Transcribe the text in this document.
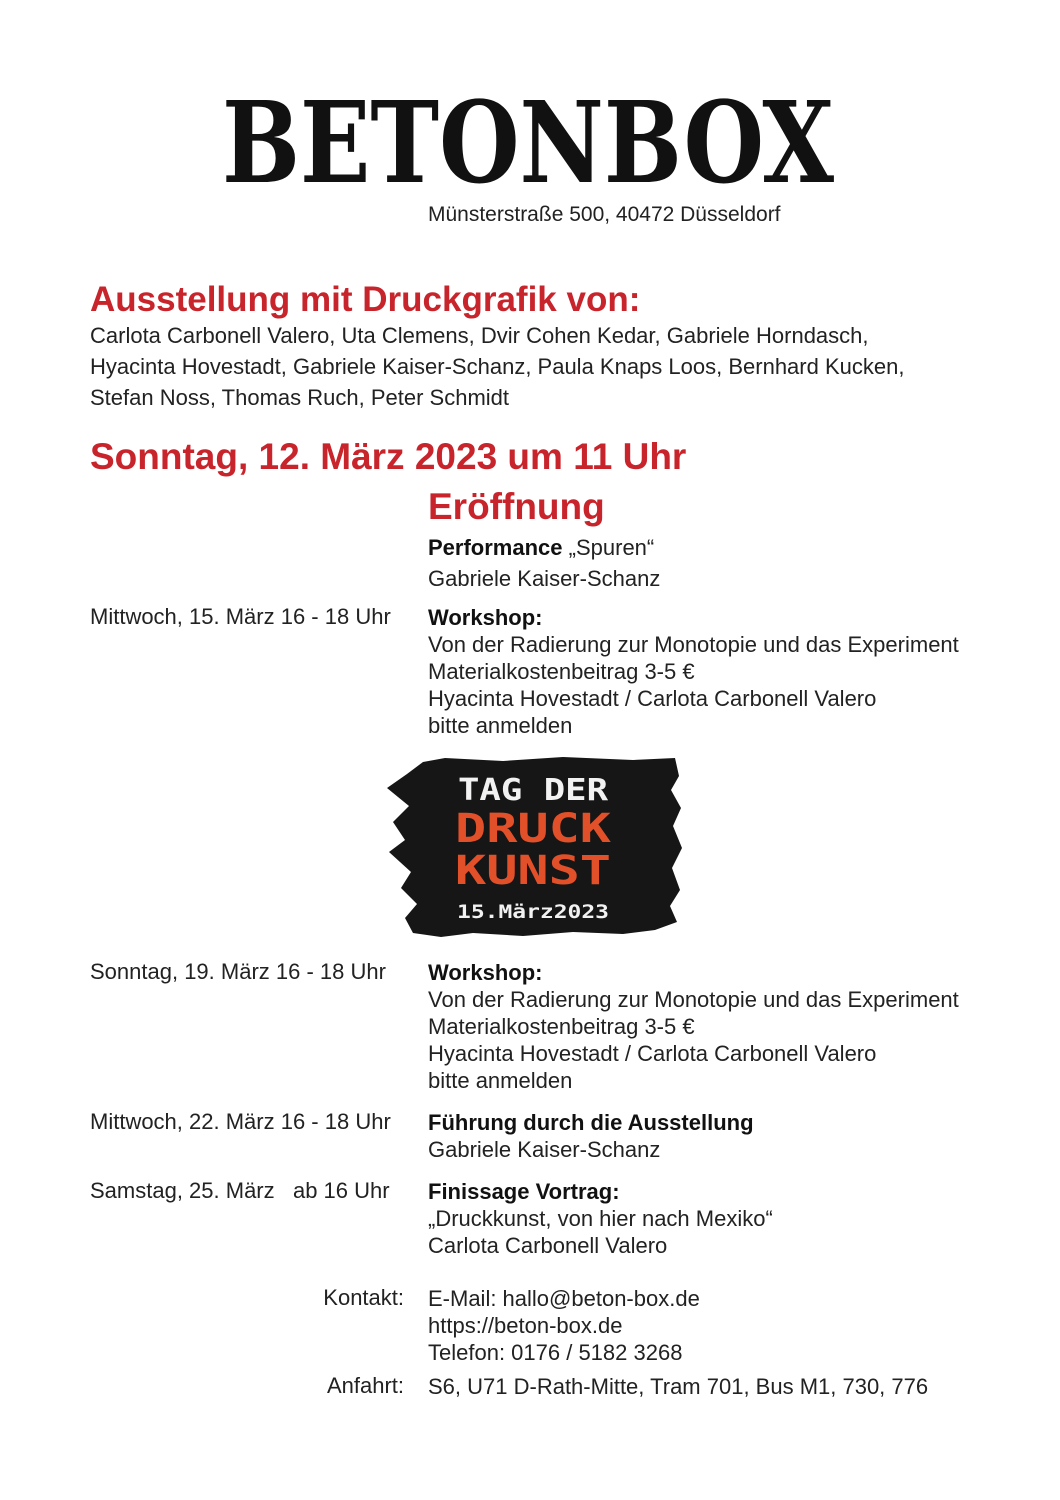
BETONBOX
Münsterstraße 500, 40472 Düsseldorf
Ausstellung mit Druckgrafik von:
Carlota Carbonell Valero, Uta Clemens, Dvir Cohen Kedar, Gabriele Horndasch,
Hyacinta Hovestadt, Gabriele Kaiser-Schanz, Paula Knaps Loos, Bernhard Kucken,
Stefan Noss, Thomas Ruch, Peter Schmidt
Sonntag, 12. März 2023 um 11 Uhr
Eröffnung
Performance „Spuren“
Gabriele Kaiser-Schanz
Mittwoch, 15. März 16 - 18 Uhr Workshop:
Von der Radierung zur Monotopie und das Experiment
Materialkostenbeitrag 3-5 €
Hyacinta Hovestadt / Carlota Carbonell Valero
bitte anmelden
TAG DER
DRUCK
KUNST
15.März2023
Sonntag, 19. März 16 - 18 Uhr Workshop:
Von der Radierung zur Monotopie und das Experiment
Materialkostenbeitrag 3-5 €
Hyacinta Hovestadt / Carlota Carbonell Valero
bitte anmelden
Mittwoch, 22. März 16 - 18 Uhr Führung durch die Ausstellung
Gabriele Kaiser-Schanz
Samstag, 25. März   ab 16 Uhr Finissage Vortrag:
„Druckkunst, von hier nach Mexiko“
Carlota Carbonell Valero
Kontakt: E-Mail: hallo@beton-box.de
https://beton-box.de
Telefon: 0176 / 5182 3268
Anfahrt: S6, U71 D-Rath-Mitte, Tram 701, Bus M1, 730, 776
